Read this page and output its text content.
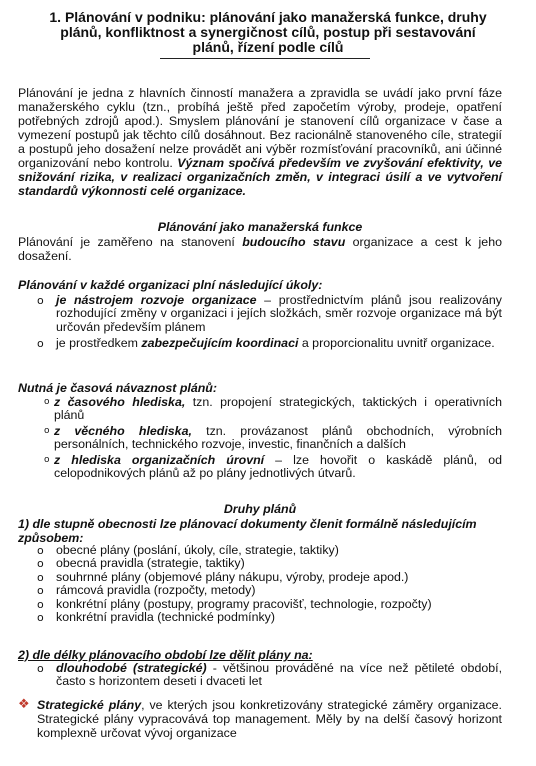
1. Plánování v podniku: plánování jako manažerská funkce, druhy
plánů, konfliktnost a synergičnost cílů, postup při sestavování
plánů, řízení podle cílů
Plánování je jedna z hlavních činností manažera a zpravidla se uvádí jako první fáze manažerského cyklu (tzn., probíhá ještě před započetím výroby, prodeje, opatření potřebných zdrojů apod.). Smyslem plánování je stanovení cílů organizace v čase a vymezení postupů jak těchto cílů dosáhnout. Bez racionálně stanoveného cíle, strategií a postupů jeho dosažení nelze provádět ani výběr rozmísťování pracovníků, ani účinné organizování nebo kontrolu. Význam spočívá především ve zvyšování efektivity, ve snižování rizika, v realizaci organizačních změn, v integraci úsilí a ve vytvoření standardů výkonnosti celé organizace.
Plánování jako manažerská funkce
Plánování je zaměřeno na stanovení budoucího stavu organizace a cest k jeho dosažení.
Plánování v každé organizaci plní následující úkoly:
o je nástrojem rozvoje organizace – prostřednictvím plánů jsou realizovány rozhodující změny v organizaci i jejích složkách, směr rozvoje organizace má být určován především plánem
o je prostředkem zabezpečujícím koordinaci a proporcionalitu uvnitř organizace.
Nutná je časová návaznost plánů:
o z časového hlediska, tzn. propojení strategických, taktických i operativních plánů
o z věcného hlediska, tzn. provázanost plánů obchodních, výrobních personálních, technického rozvoje, investic, finančních a dalších
o z hlediska organizačních úrovní – lze hovořit o kaskádě plánů, od celopodnikových plánů až po plány jednotlivých útvarů.
Druhy plánů
1) dle stupně obecnosti lze plánovací dokumenty členit formálně následujícím způsobem:
o obecné plány (poslání, úkoly, cíle, strategie, taktiky)
o obecná pravidla (strategie, taktiky)
o souhrnné plány (objemové plány nákupu, výroby, prodeje apod.)
o rámcová pravidla (rozpočty, metody)
o konkrétní plány (postupy, programy pracovišť, technologie, rozpočty)
o konkrétní pravidla (technické podmínky)
2) dle délky plánovacího období lze dělit plány na:
o dlouhodobé (strategické) - většinou prováděné na více než pětileté období, často s horizontem deseti i dvaceti let
❖ Strategické plány, ve kterých jsou konkretizovány strategické záměry organizace. Strategické plány vypracovává top management. Měly by na delší časový horizont komplexně určovat vývoj organizace
